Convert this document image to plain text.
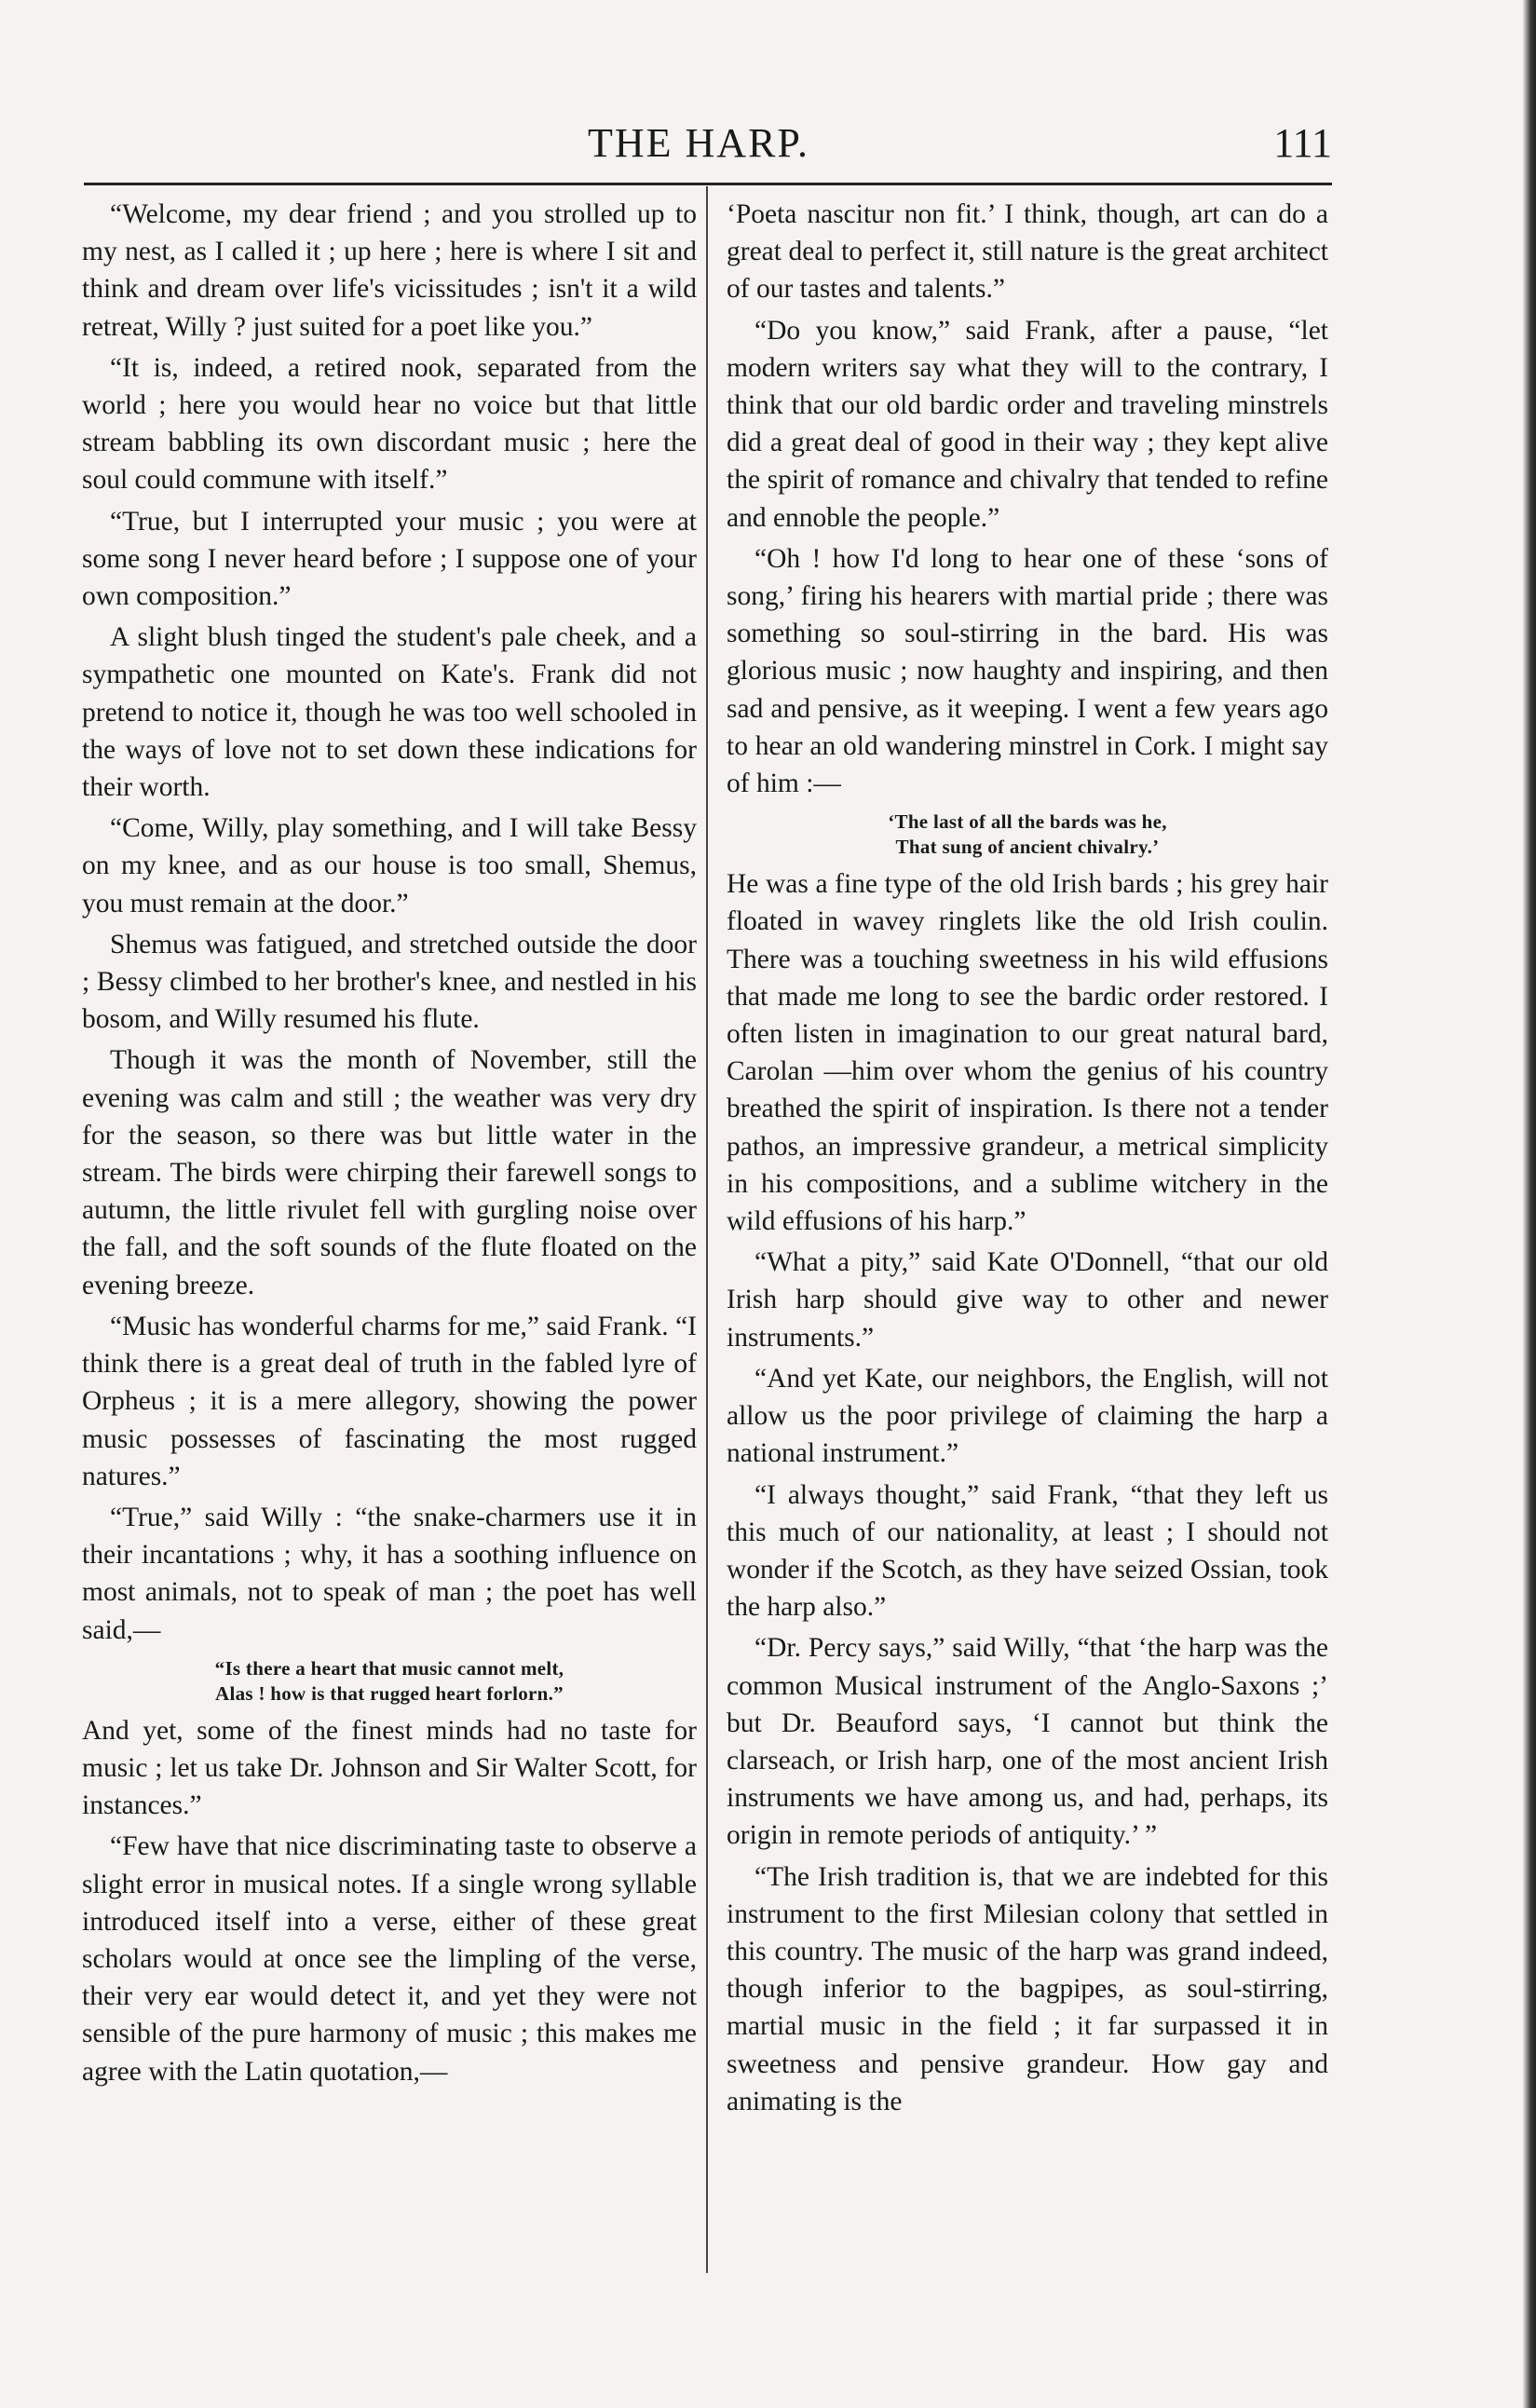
THE HARP.	111

“Welcome, my dear friend ; and you strolled up to my nest, as I called it ; up here ; here is where I sit and think and dream over life's vicissitudes ; isn't it a wild retreat, Willy ? just suited for a poet like you.”

“It is, indeed, a retired nook, separated from the world ; here you would hear no voice but that little stream babbling its own discordant music ; here the soul could commune with itself.”

“True, but I interrupted your music ; you were at some song I never heard before ; I suppose one of your own composition.”

A slight blush tinged the student's pale cheek, and a sympathetic one mounted on Kate's. Frank did not pretend to notice it, though he was too well schooled in the ways of love not to set down these indications for their worth.

“Come, Willy, play something, and I will take Bessy on my knee, and as our house is too small, Shemus, you must remain at the door.”

Shemus was fatigued, and stretched outside the door ; Bessy climbed to her brother's knee, and nestled in his bosom, and Willy resumed his flute.

Though it was the month of November, still the evening was calm and still ; the weather was very dry for the season, so there was but little water in the stream. The birds were chirping their farewell songs to autumn, the little rivulet fell with gurgling noise over the fall, and the soft sounds of the flute floated on the evening breeze.

“Music has wonderful charms for me,” said Frank. “I think there is a great deal of truth in the fabled lyre of Orpheus ; it is a mere allegory, showing the power music possesses of fascinating the most rugged natures.”

“True,” said Willy : “the snake-charmers use it in their incantations ; why, it has a soothing influence on most animals, not to speak of man ; the poet has well said,—

“Is there a heart that music cannot melt,
Alas ! how is that rugged heart forlorn.”

And yet, some of the finest minds had no taste for music ; let us take Dr. Johnson and Sir Walter Scott, for instances.”

“Few have that nice discriminating taste to observe a slight error in musical notes. If a single wrong syllable introduced itself into a verse, either of these great scholars would at once see the limpling of the verse, their very ear would detect it, and yet they were not sensible of the pure harmony of music ; this makes me agree with the Latin quotation,—

‘Poeta nascitur non fit.’ I think, though, art can do a great deal to perfect it, still nature is the great architect of our tastes and talents.”

“Do you know,” said Frank, after a pause, “let modern writers say what they will to the contrary, I think that our old bardic order and traveling minstrels did a great deal of good in their way ; they kept alive the spirit of romance and chivalry that tended to refine and ennoble the people.”

“Oh ! how I'd long to hear one of these ‘sons of song,’ firing his hearers with martial pride ; there was something so soul-stirring in the bard. His was glorious music ; now haughty and inspiring, and then sad and pensive, as it weeping. I went a few years ago to hear an old wandering minstrel in Cork. I might say of him :—

‘The last of all the bards was he,
That sung of ancient chivalry.’

He was a fine type of the old Irish bards ; his grey hair floated in wavey ringlets like the old Irish coulin. There was a touching sweetness in his wild effusions that made me long to see the bardic order restored. I often listen in imagination to our great natural bard, Carolan —him over whom the genius of his country breathed the spirit of inspiration. Is there not a tender pathos, an impressive grandeur, a metrical simplicity in his compositions, and a sublime witchery in the wild effusions of his harp.”

“What a pity,” said Kate O'Donnell, “that our old Irish harp should give way to other and newer instruments.”

“And yet Kate, our neighbors, the English, will not allow us the poor privilege of claiming the harp a national instrument.”

“I always thought,” said Frank, “that they left us this much of our nationality, at least ; I should not wonder if the Scotch, as they have seized Ossian, took the harp also.”

“Dr. Percy says,” said Willy, “that ‘the harp was the common Musical instrument of the Anglo-Saxons ;’ but Dr. Beauford says, ‘I cannot but think the clarseach, or Irish harp, one of the most ancient Irish instruments we have among us, and had, perhaps, its origin in remote periods of antiquity.’ ”

“The Irish tradition is, that we are indebted for this instrument to the first Milesian colony that settled in this country. The music of the harp was grand indeed, though inferior to the bagpipes, as soul-stirring, martial music in the field ; it far surpassed it in sweetness and pensive grandeur. How gay and animating is the
